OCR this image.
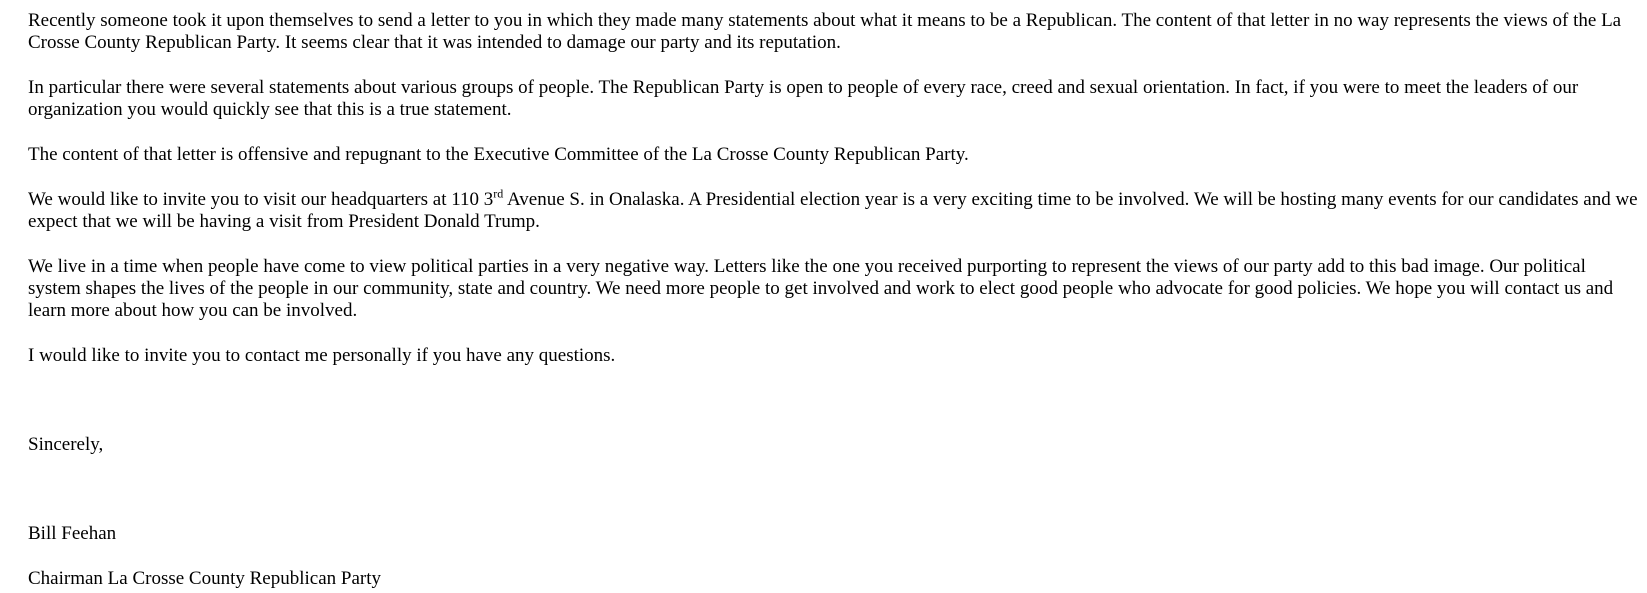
Recently someone took it upon themselves to send a letter to you in which they made many statements about what it means to be a Republican. The content of that letter in no way represents the views of the La Crosse County Republican Party. It seems clear that it was intended to damage our party and its reputation.

In particular there were several statements about various groups of people. The Republican Party is open to people of every race, creed and sexual orientation. In fact, if you were to meet the leaders of our organization you would quickly see that this is a true statement.

The content of that letter is offensive and repugnant to the Executive Committee of the La Crosse County Republican Party.

We would like to invite you to visit our headquarters at 110 3rd Avenue S. in Onalaska. A Presidential election year is a very exciting time to be involved. We will be hosting many events for our candidates and we expect that we will be having a visit from President Donald Trump.

We live in a time when people have come to view political parties in a very negative way. Letters like the one you received purporting to represent the views of our party add to this bad image. Our political system shapes the lives of the people in our community, state and country. We need more people to get involved and work to elect good people who advocate for good policies. We hope you will contact us and learn more about how you can be involved.

I would like to invite you to contact me personally if you have any questions.

Sincerely,

Bill Feehan

Chairman La Crosse County Republican Party
